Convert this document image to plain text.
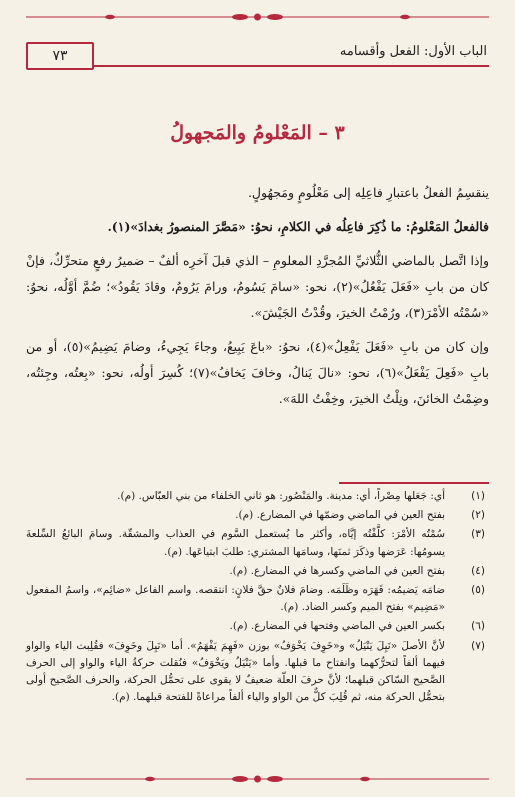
٧٣	الباب الأول: الفعل وأقسامه
٣ – المَعْلومُ والمَجهولُ

ينقسِمُ الفعلُ باعتبارِ فاعِلِه إلى مَعْلُومٍ ومَجهُولٍ.

فالفعلُ المَعْلومُ: ما ذُكِرَ فاعِلُه في الكلامِ، نحوُ: «مَصَّرَ المنصورُ بغدادَ»(١).

وإذا اتَّصل بالماضي الثُّلاثيِّ المُجرَّدِ المعلومِ – الذي قبلَ آخرِه ألفٌ – ضميرُ رفعٍ متحرِّكٌ، فإنْ كان من بابِ «فَعَلَ يَفْعُلُ»(٢)، نحو: «سامَ يَسُومُ، ورامَ يَرُومُ، وقادَ يَقُودُ»؛ ضُمَّ أوَّلُه، نحوُ: «سُمْتُه الأمْرَ(٣)، ورُمْتُ الخيرَ، وقُدْتُ الجَيْشَ».

وإن كان من بابِ «فَعَلَ يَفْعِلُ»(٤)، نحوُ: «باعَ يَبِيعُ، وجاءَ يَجِيءُ، وضامَ يَضِيمُ»(٥)، أو من بابِ «فَعِلَ يَفْعَلُ»(٦)، نحو: «نالَ يَنالُ، وخافَ يَخافُ»(٧)؛ كُسِرَ أولُه، نحو: «بِعتُه، وجِئتُه، وضِمْتُ الخائنَ، ونِلْتُ الخيرَ، وخِفْتُ اللهَ».

(١)
أي: جَعَلها مِصْراً، أي: مدينة. والمَنْصُور: هو ثاني الخلفاء من بني العبّاس. (م).
(٢)
بفتح العين في الماضي وضمّها في المضارع. (م).
(٣)
سُمْتُه الأمْرَ: كلَّفْتُه إيَّاه، وأكثر ما يُستعمل السَّوم في العذاب والمشقّة. وسامَ البائعُ السِّلعةَ يسومُها: عَرَضها وذكَرَ ثمنَها، وسامَها المشتري: طلبَ ابتياعَها. (م).
(٤)
بفتح العين في الماضي وكسرها في المضارع. (م).
(٥)
ضامَه يَضيمُه: قَهَرَه وظَلَمَه. وضامَ فلانٌ حقَّ فلانٍ: انتقصه. واسم الفاعل «ضائِم»، واسمُ المفعول «مَضِيم» بفتح الميم وكسر الضاد. (م).
(٦)
بكسر العين في الماضي وفتحها في المضارع. (م).
(٧)
لأنَّ الأصلَ «نَيِلَ يَنْيَلُ» و«خَوِفَ يَخْوَفُ» بوزن «فَهِمَ يَفْهَمُ». أما «نَيِلَ وخَوِفَ» فقُلِبت الياء والواو فيهما ألفاً لتحرُّكهما وانفتاح ما قبلها. وأما «يَنْيَلُ ويَخْوَفُ» فنُقلت حركةُ الياء والواو إلى الحرف الصَّحيح السّاكن قبلهما؛ لأنَّ حرفَ العلّة ضعيفٌ لا يقوى على تحمُّل الحركة، والحرف الصَّحيح أولى بتحمُّل الحركة منه، ثم قُلِبَ كلٌّ من الواو والياء ألفاً مراعاةً للفتحة قبلهما. (م).
